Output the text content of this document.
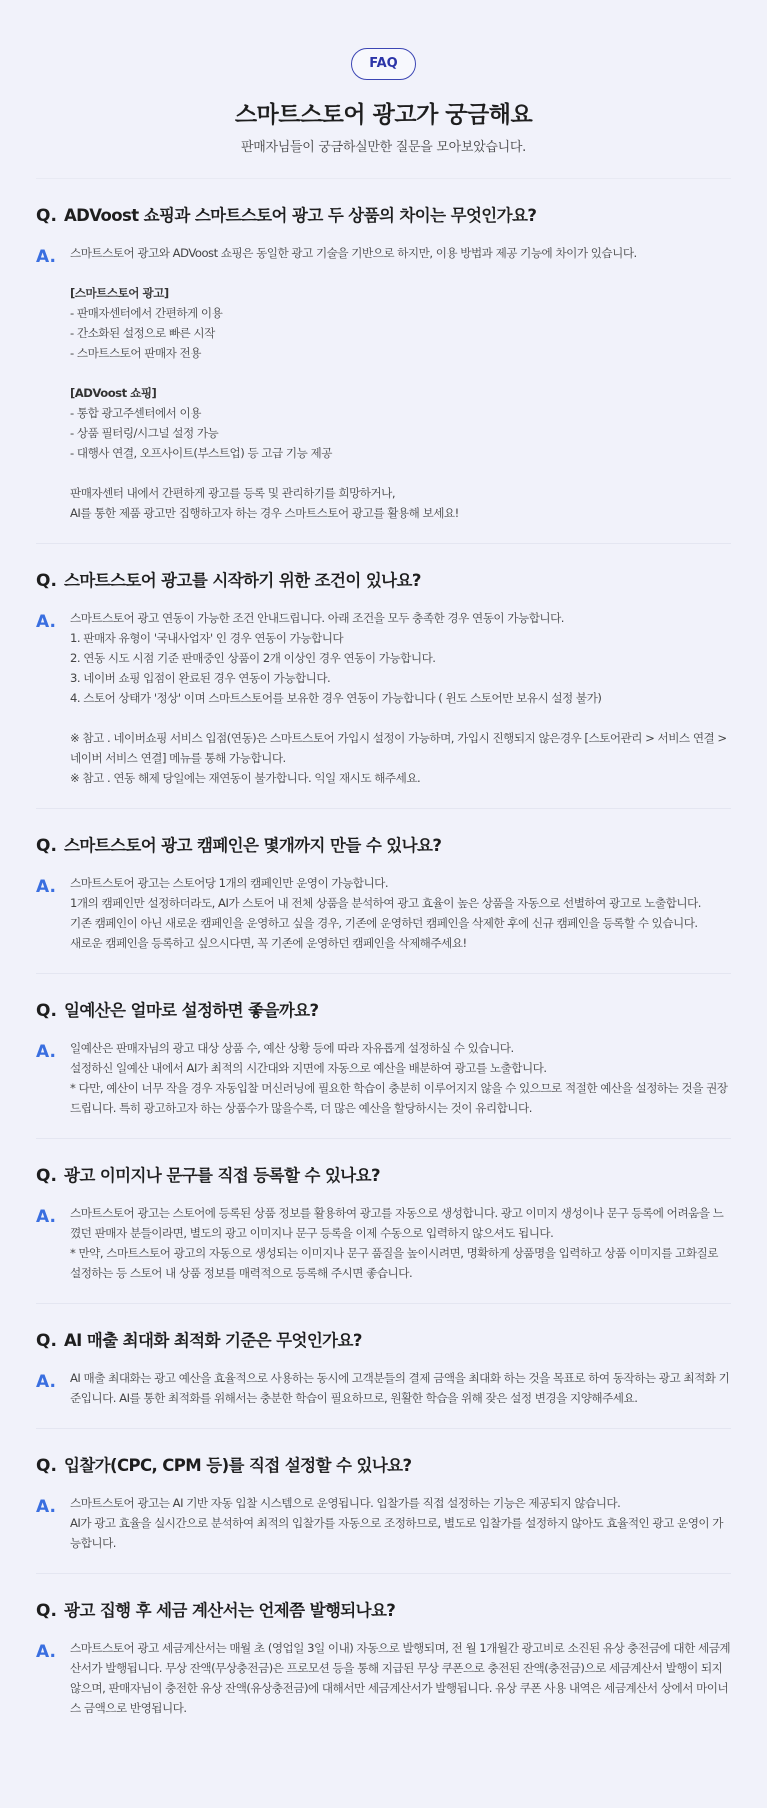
FAQ
스마트스토어 광고가 궁금해요

판매자님들이 궁금하실만한 질문을 모아보았습니다.

Q. ADVoost 쇼핑과 스마트스토어 광고 두 상품의 차이는 무엇인가요?
A.	스마트스토어 광고와 ADVoost 쇼핑은 동일한 광고 기술을 기반으로 하지만, 이용 방법과 제공 기능에 차이가 있습니다.
[스마트스토어 광고]
- 판매자센터에서 간편하게 이용
- 간소화된 설정으로 빠른 시작
- 스마트스토어 판매자 전용
[ADVoost 쇼핑]
- 통합 광고주센터에서 이용
- 상품 필터링/시그널 설정 가능
- 대행사 연결, 오프사이트(부스트업) 등 고급 기능 제공
판매자센터 내에서 간편하게 광고를 등록 및 관리하기를 희망하거나,
AI를 통한 제품 광고만 집행하고자 하는 경우 스마트스토어 광고를 활용해 보세요!
Q. 스마트스토어 광고를 시작하기 위한 조건이 있나요?
A.	스마트스토어 광고 연동이 가능한 조건 안내드립니다. 아래 조건을 모두 충족한 경우 연동이 가능합니다.
1. 판매자 유형이 '국내사업자' 인 경우 연동이 가능합니다
2. 연동 시도 시점 기준 판매중인 상품이 2개 이상인 경우 연동이 가능합니다.
3. 네이버 쇼핑 입점이 완료된 경우 연동이 가능합니다.
4. 스토어 상태가 '정상' 이며 스마트스토어를 보유한 경우 연동이 가능합니다 ( 윈도 스토어만 보유시 설정 불가)
※ 참고 . 네이버쇼핑 서비스 입점(연동)은 스마트스토어 가입시 설정이 가능하며, 가입시 진행되지 않은경우 [스토어관리 > 서비스 연결 > 네이버 서비스 연결] 메뉴를 통해 가능합니다.
※ 참고 . 연동 해제 당일에는 재연동이 불가합니다. 익일 재시도 해주세요.
Q. 스마트스토어 광고 캠페인은 몇개까지 만들 수 있나요?
A.	스마트스토어 광고는 스토어당 1개의 캠페인만 운영이 가능합니다.
1개의 캠페인만 설정하더라도, AI가 스토어 내 전체 상품을 분석하여 광고 효율이 높은 상품을 자동으로 선별하여 광고로 노출합니다.
기존 캠페인이 아닌 새로운 캠페인을 운영하고 싶을 경우, 기존에 운영하던 캠페인을 삭제한 후에 신규 캠페인을 등록할 수 있습니다.
새로운 캠페인을 등록하고 싶으시다면, 꼭 기존에 운영하던 캠페인을 삭제해주세요!
Q. 일예산은 얼마로 설정하면 좋을까요?
A.	일예산은 판매자님의 광고 대상 상품 수, 예산 상황 등에 따라 자유롭게 설정하실 수 있습니다.
설정하신 일예산 내에서 AI가 최적의 시간대와 지면에 자동으로 예산을 배분하여 광고를 노출합니다.
* 다만, 예산이 너무 작을 경우 자동입찰 머신러닝에 필요한 학습이 충분히 이루어지지 않을 수 있으므로 적절한 예산을 설정하는 것을 권장드립니다. 특히 광고하고자 하는 상품수가 많을수록, 더 많은 예산을 할당하시는 것이 유리합니다.
Q. 광고 이미지나 문구를 직접 등록할 수 있나요?
A.	스마트스토어 광고는 스토어에 등록된 상품 정보를 활용하여 광고를 자동으로 생성합니다. 광고 이미지 생성이나 문구 등록에 어려움을 느꼈던 판매자 분들이라면, 별도의 광고 이미지나 문구 등록을 이제 수동으로 입력하지 않으셔도 됩니다.
* 만약, 스마트스토어 광고의 자동으로 생성되는 이미지나 문구 품질을 높이시려면, 명확하게 상품명을 입력하고 상품 이미지를 고화질로 설정하는 등 스토어 내 상품 정보를 매력적으로 등록해 주시면 좋습니다.
Q. AI 매출 최대화 최적화 기준은 무엇인가요?
A.	AI 매출 최대화는 광고 예산을 효율적으로 사용하는 동시에 고객분들의 결제 금액을 최대화 하는 것을 목표로 하여 동작하는 광고 최적화 기준입니다. AI를 통한 최적화를 위해서는 충분한 학습이 필요하므로, 원활한 학습을 위해 잦은 설정 변경을 지양해주세요.
Q. 입찰가(CPC, CPM 등)를 직접 설정할 수 있나요?
A.	스마트스토어 광고는 AI 기반 자동 입찰 시스템으로 운영됩니다. 입찰가를 직접 설정하는 기능은 제공되지 않습니다.
AI가 광고 효율을 실시간으로 분석하여 최적의 입찰가를 자동으로 조정하므로, 별도로 입찰가를 설정하지 않아도 효율적인 광고 운영이 가능합니다.
Q. 광고 집행 후 세금 계산서는 언제쯤 발행되나요?
A.	스마트스토어 광고 세금계산서는 매월 초 (영업일 3일 이내) 자동으로 발행되며, 전 월 1개월간 광고비로 소진된 유상 충전금에 대한 세금계산서가 발행됩니다. 무상 잔액(무상충전금)은 프로모션 등을 통해 지급된 무상 쿠폰으로 충전된 잔액(충전금)으로 세금계산서 발행이 되지 않으며, 판매자님이 충전한 유상 잔액(유상충전금)에 대해서만 세금계산서가 발행됩니다. 유상 쿠폰 사용 내역은 세금계산서 상에서 마이너스 금액으로 반영됩니다.
